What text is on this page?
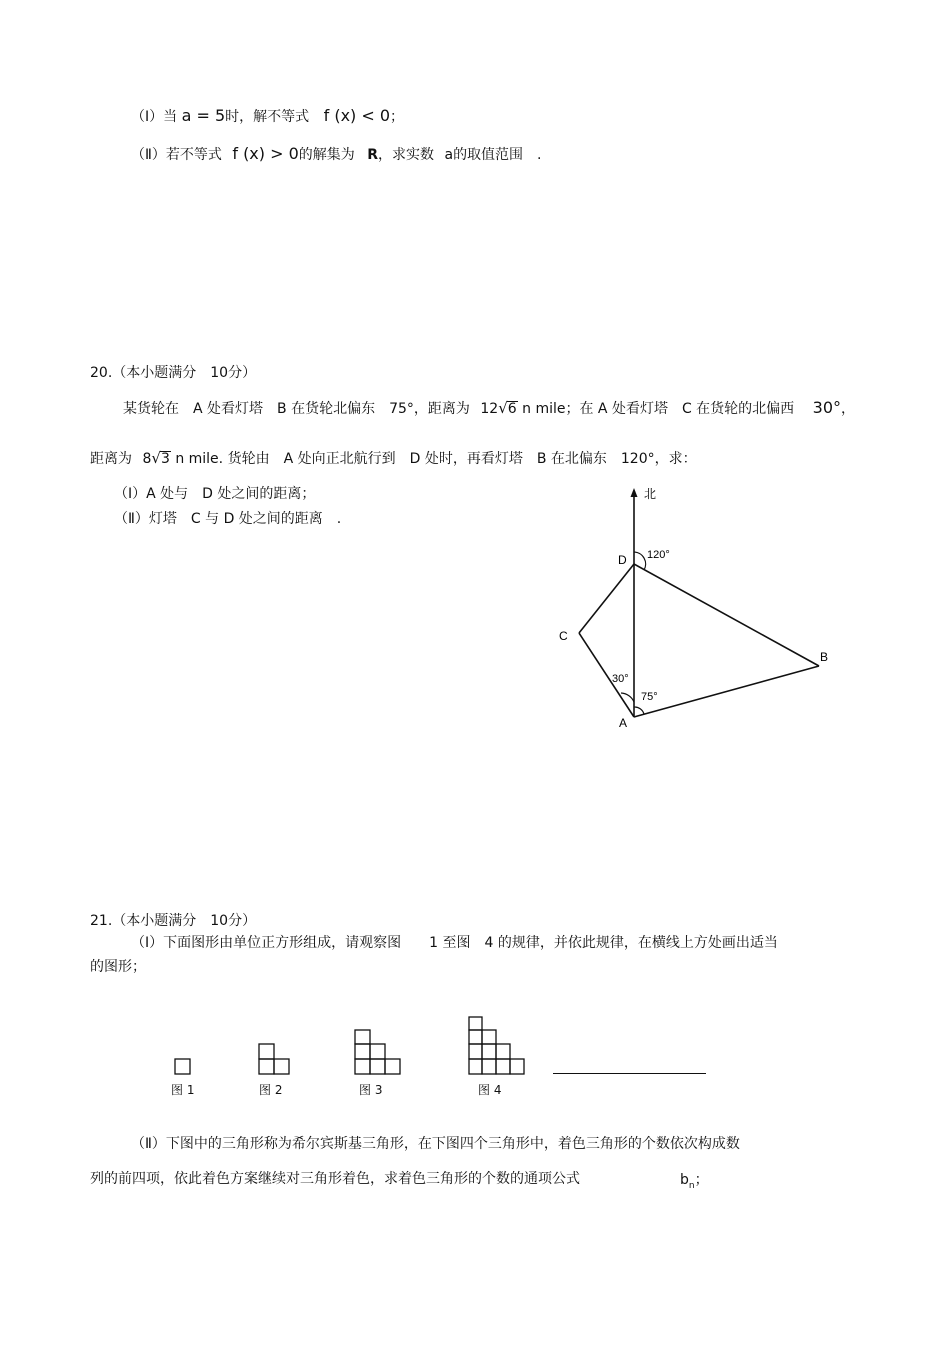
（Ⅰ）当 a = 5时，解不等式 f (x) < 0；
（Ⅱ）若不等式 f (x) > 0的解集为 R，求实数 a的取值范围　.
20.（本小题满分　10分）
某货轮在　A 处看灯塔　B 在货轮北偏东　75°，距离为 12√6 n mile；在 A 处看灯塔　C 在货轮的北偏西 30°，
距离为 8√3 n mile. 货轮由　A 处向正北航行到　D 处时，再看灯塔　B 在北偏东　120°，求：
（Ⅰ）A 处与　D 处之间的距离；
（Ⅱ）灯塔　C 与 D 处之间的距离　.
北
D
C
B
A
120°
30°
75°
21.（本小题满分　10分）
（Ⅰ）下面图形由单位正方形组成，请观察图　　1 至图　4 的规律，并依此规律，在横线上方处画出适当
的图形；
图 1	图 2	图 3	图 4
（Ⅱ）下图中的三角形称为希尔宾斯基三角形，在下图四个三角形中，着色三角形的个数依次构成数
列的前四项，依此着色方案继续对三角形着色，求着色三角形的个数的通项公式	$b_n$；
